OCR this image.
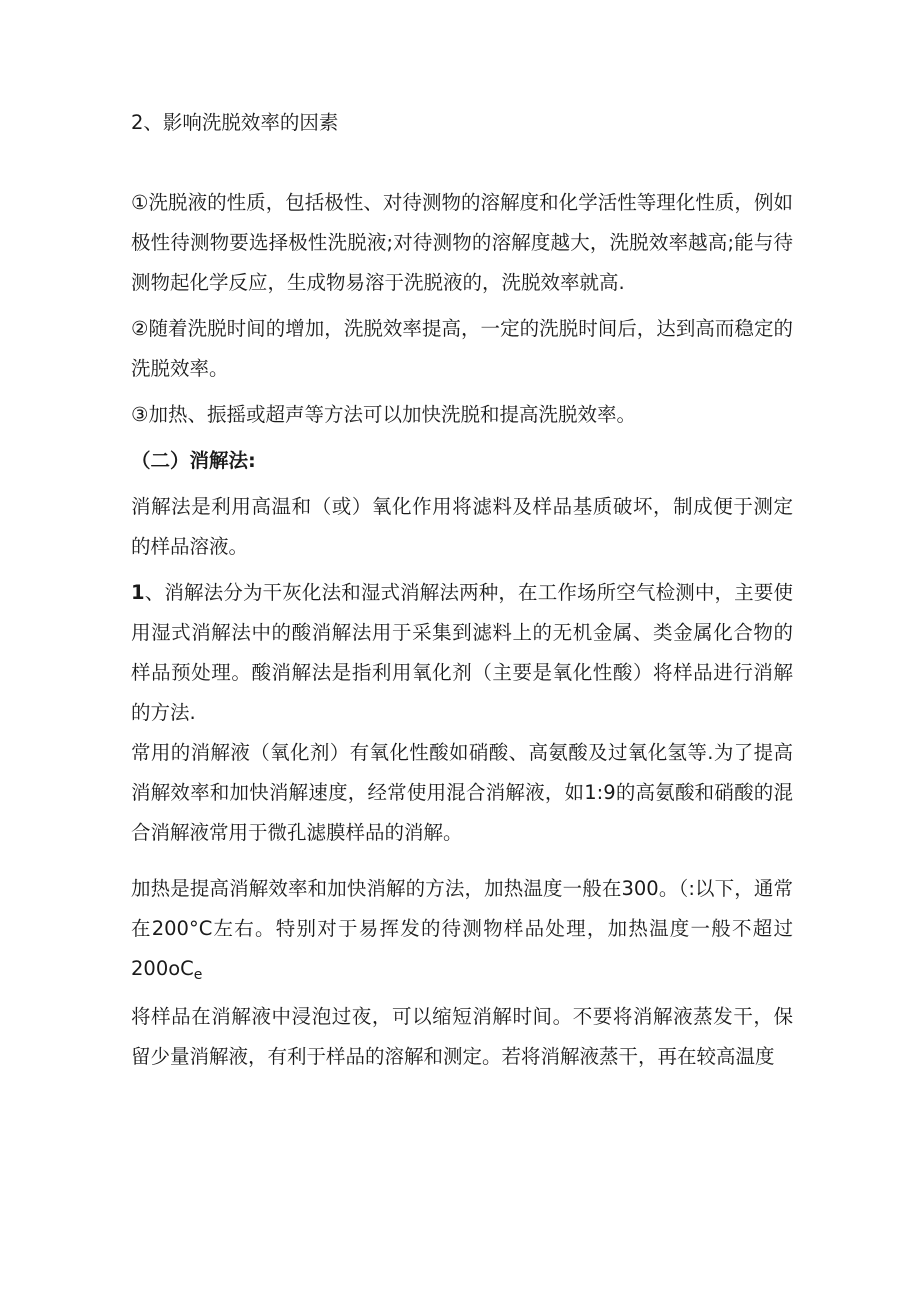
2、影响洗脱效率的因素

①洗脱液的性质，包括极性、对待测物的溶解度和化学活性等理化性质，例如极性待测物要选择极性洗脱液;对待测物的溶解度越大，洗脱效率越高;能与待测物起化学反应，生成物易溶于洗脱液的，洗脱效率就高.

②随着洗脱时间的增加，洗脱效率提高，一定的洗脱时间后，达到高而稳定的洗脱效率。

③加热、振摇或超声等方法可以加快洗脱和提高洗脱效率。

（二）消解法:

消解法是利用高温和（或）氧化作用将滤料及样品基质破坏，制成便于测定的样品溶液。

1、消解法分为干灰化法和湿式消解法两种，在工作场所空气检测中，主要使用湿式消解法中的酸消解法用于采集到滤料上的无机金属、类金属化合物的样品预处理。酸消解法是指利用氧化剂（主要是氧化性酸）将样品进行消解的方法.

常用的消解液（氧化剂）有氧化性酸如硝酸、高氨酸及过氧化氢等.为了提高消解效率和加快消解速度，经常使用混合消解液，如1:9的高氨酸和硝酸的混合消解液常用于微孔滤膜样品的消解。

加热是提高消解效率和加快消解的方法，加热温度一般在300。（:以下，通常在200°C左右。特别对于易挥发的待测物样品处理，加热温度一般不超过$200oC_e$

将样品在消解液中浸泡过夜，可以缩短消解时间。不要将消解液蒸发干，保留少量消解液，有利于样品的溶解和测定。若将消解液蒸干，再在较高温度
